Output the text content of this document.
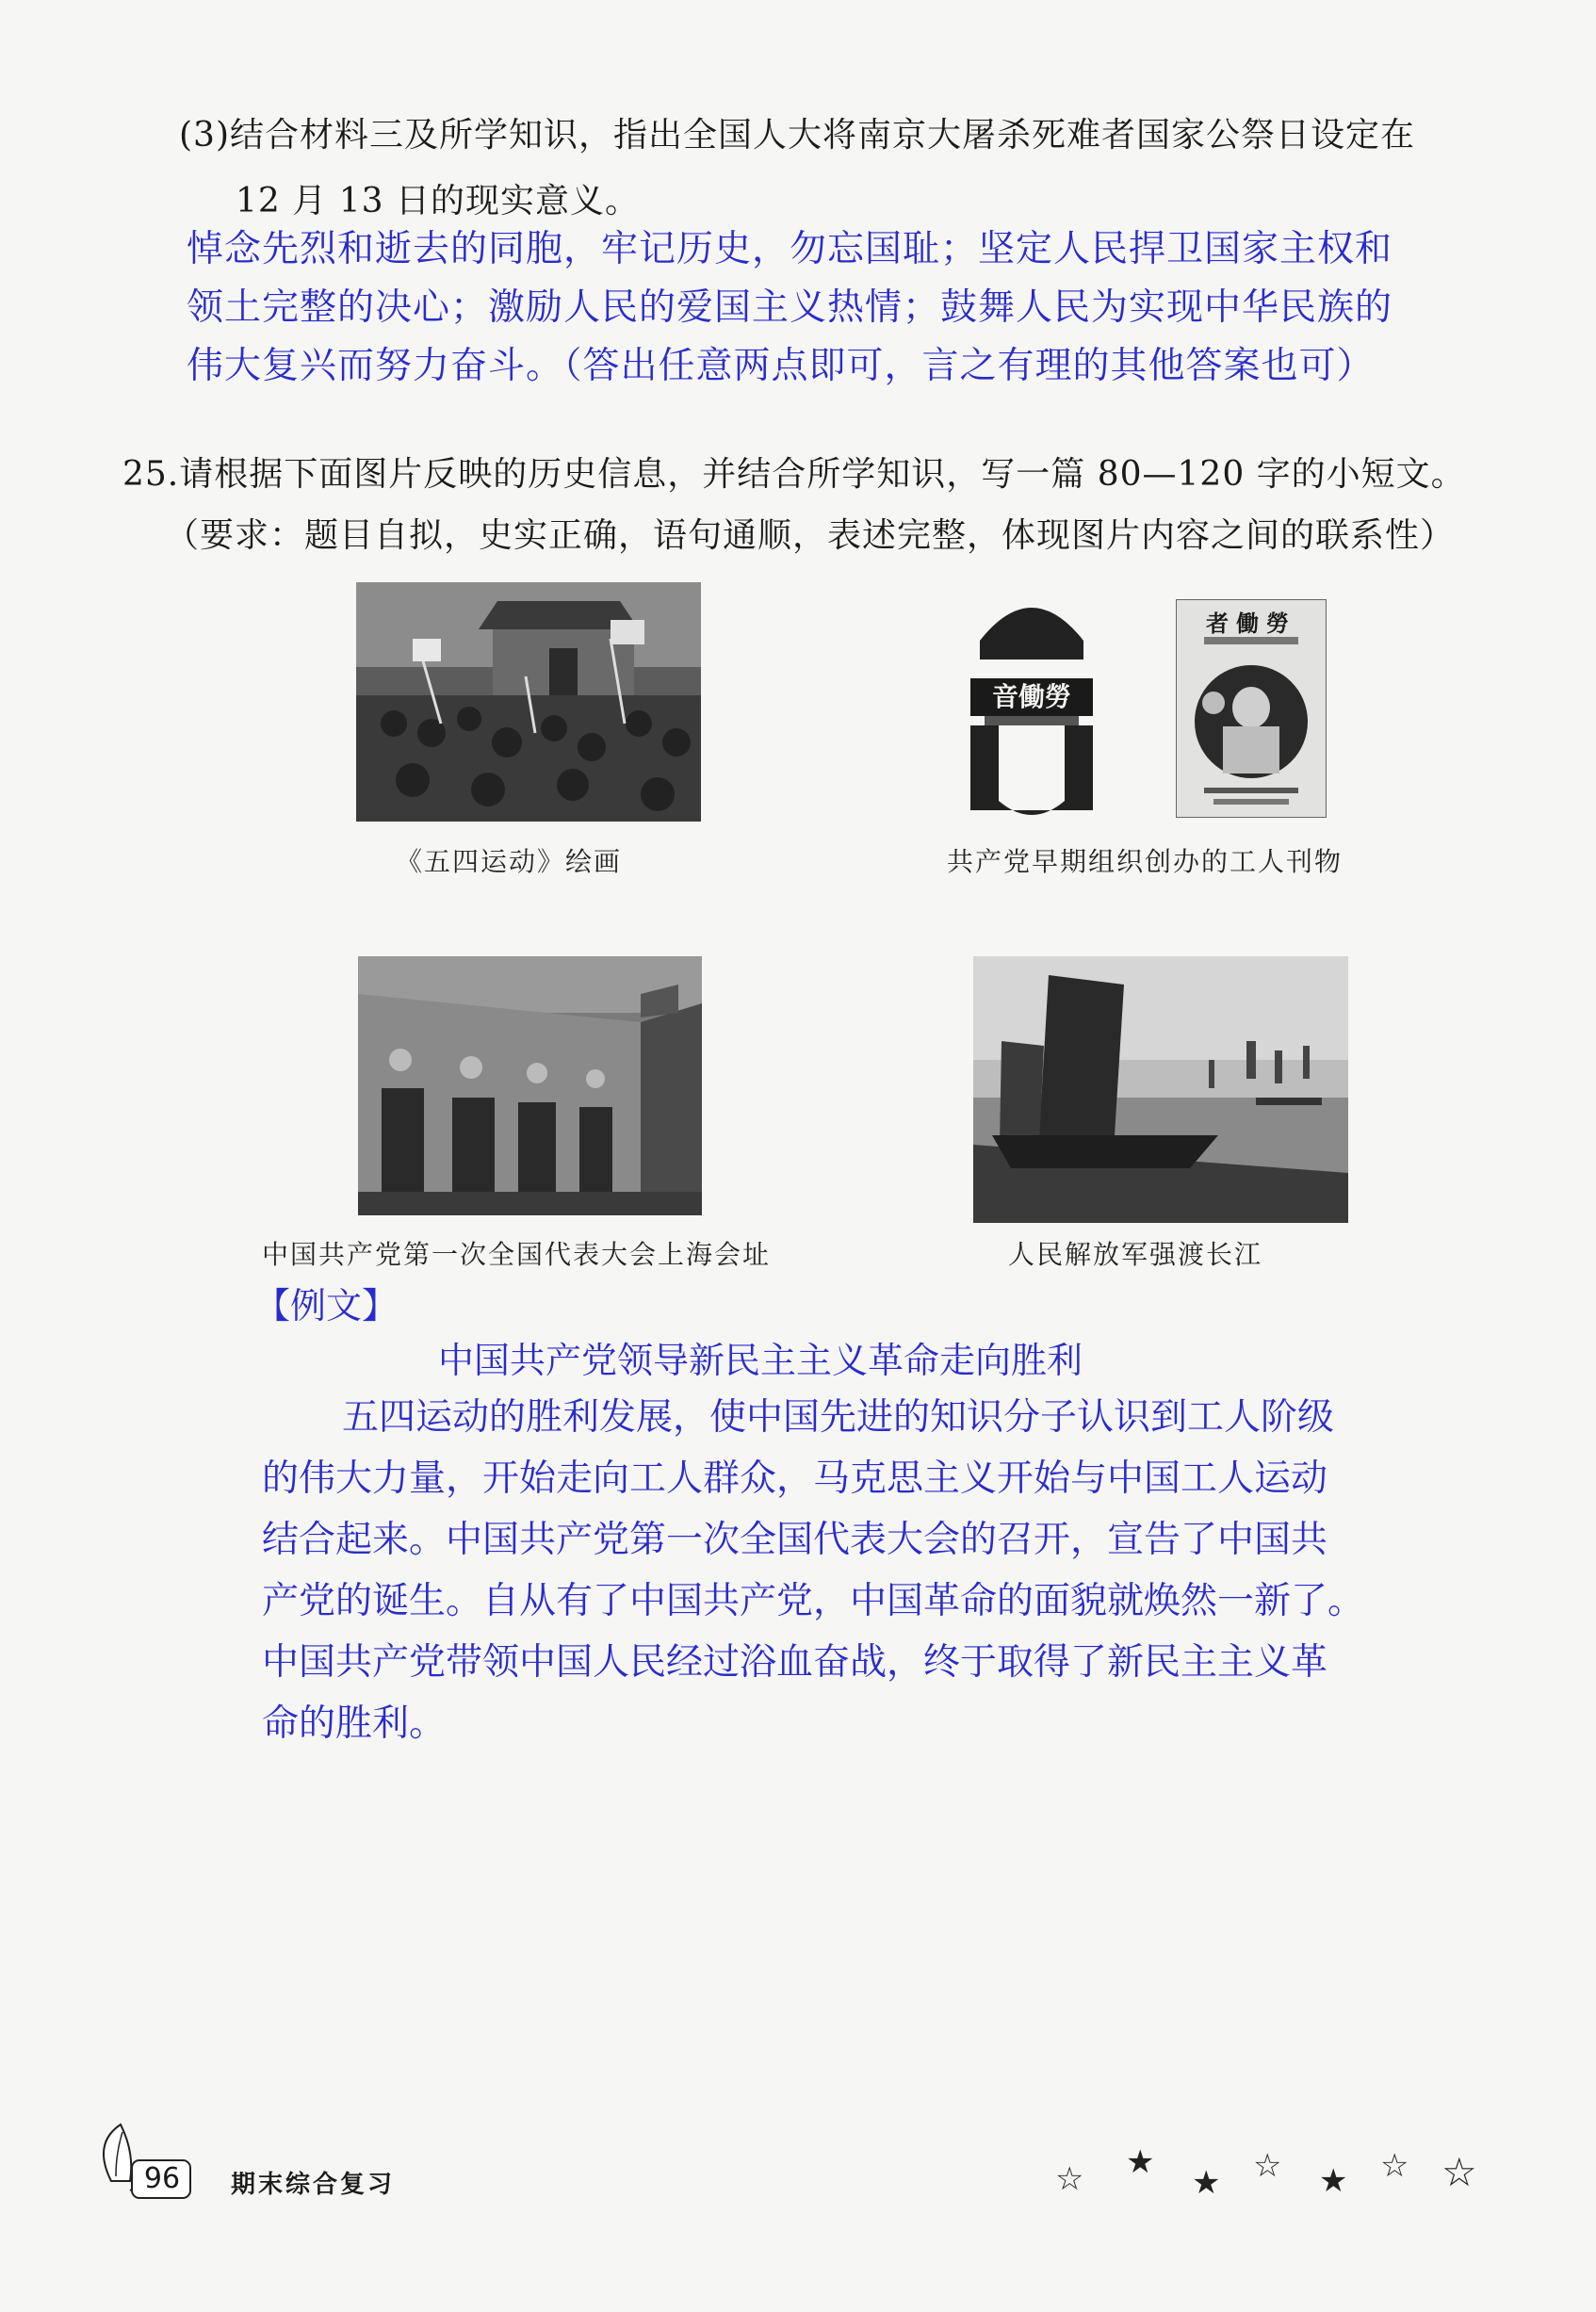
(3)结合材料三及所学知识，指出全国人大将南京大屠杀死难者国家公祭日设定在
12 月 13 日的现实意义。
悼念先烈和逝去的同胞，牢记历史，勿忘国耻；坚定人民捍卫国家主权和
领土完整的决心；激励人民的爱国主义热情；鼓舞人民为实现中华民族的
伟大复兴而努力奋斗。（答出任意两点即可，言之有理的其他答案也可）
25.请根据下面图片反映的历史信息，并结合所学知识，写一篇 80—120 字的小短文。
（要求：题目自拟，史实正确，语句通顺，表述完整，体现图片内容之间的联系性）
《五四运动》绘画
音働勞
者働勞
共产党早期组织创办的工人刊物
中国共产党第一次全国代表大会上海会址	人民解放军强渡长江
【例文】
中国共产党领导新民主主义革命走向胜利
五四运动的胜利发展，使中国先进的知识分子认识到工人阶级
的伟大力量，开始走向工人群众，马克思主义开始与中国工人运动
结合起来。中国共产党第一次全国代表大会的召开，宣告了中国共
产党的诞生。自从有了中国共产党，中国革命的面貌就焕然一新了。
中国共产党带领中国人民经过浴血奋战，终于取得了新民主主义革
命的胜利。
96	期末综合复习	☆ ★
★ ☆ ★ ☆ ☆
